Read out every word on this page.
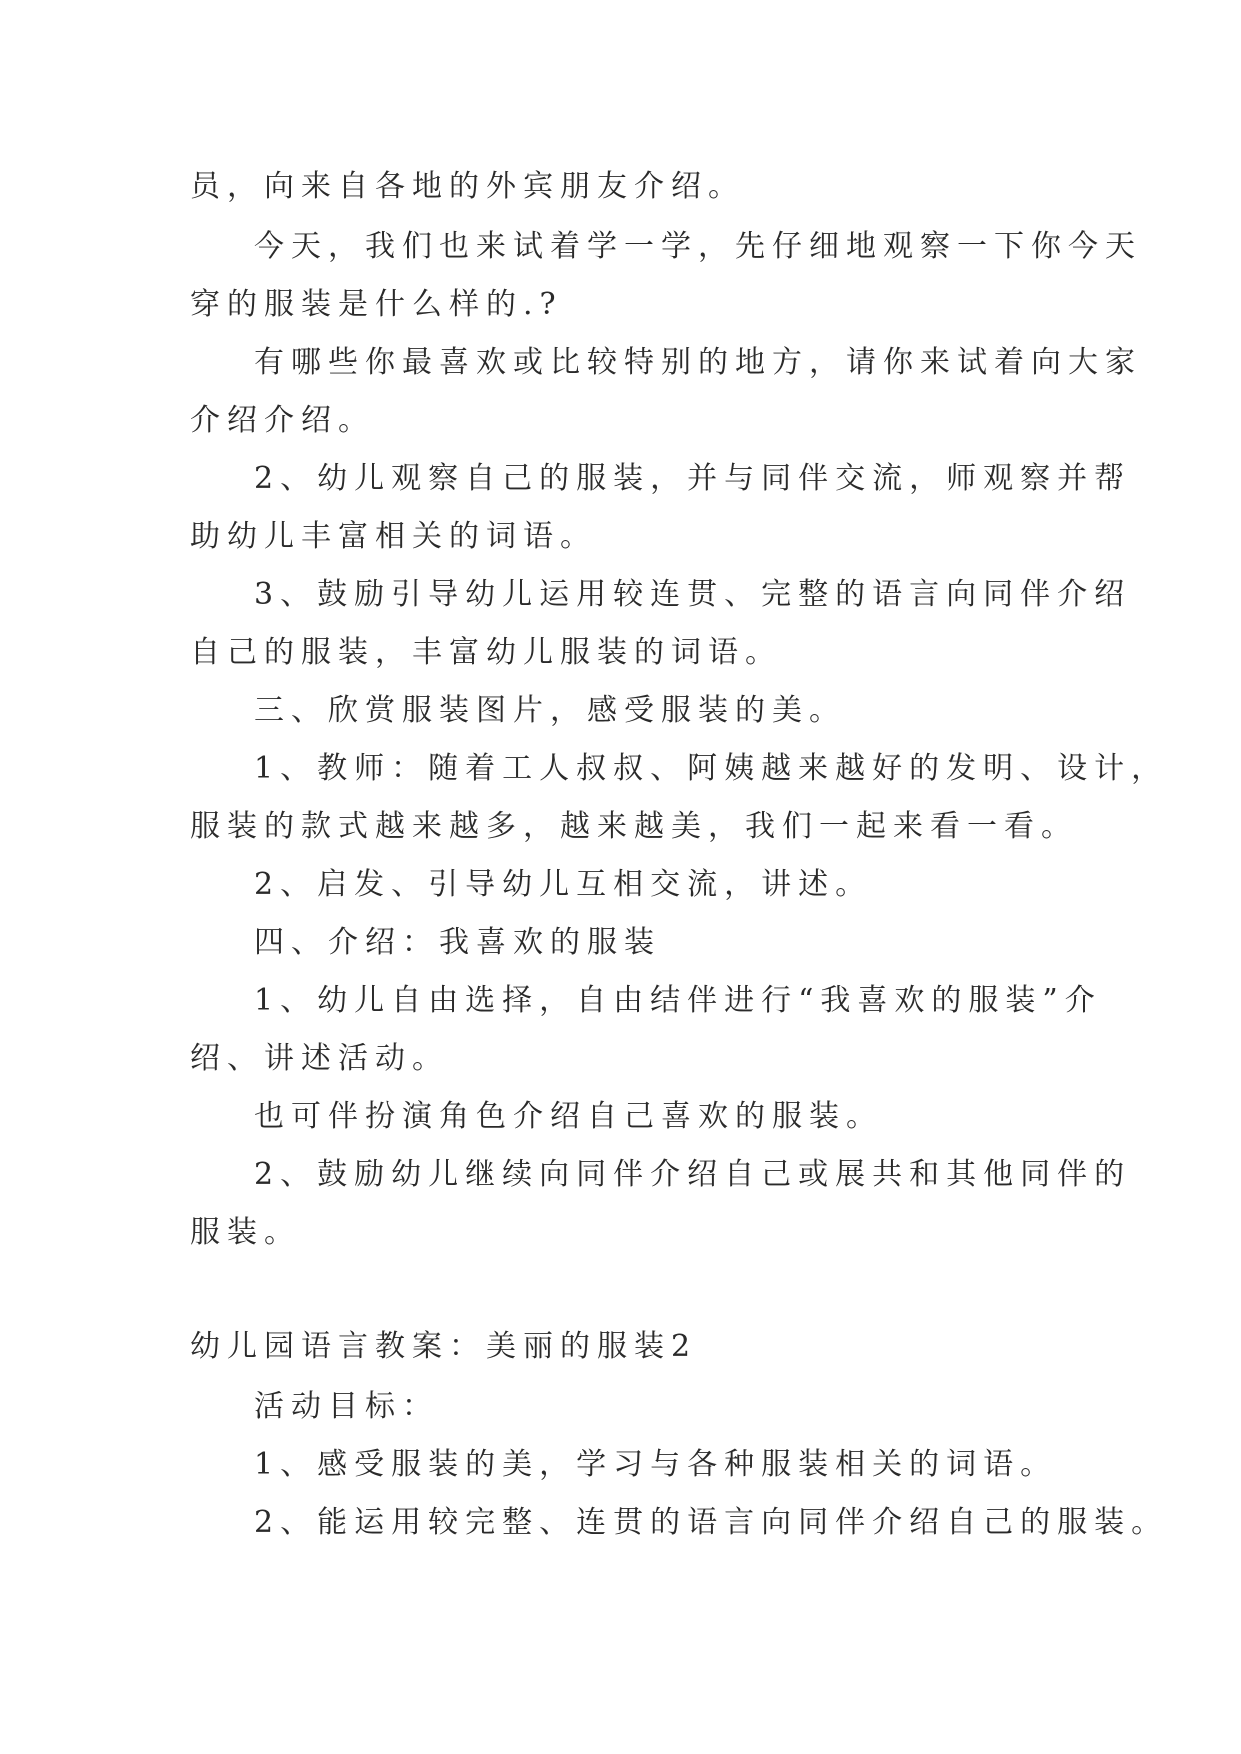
员，向来自各地的外宾朋友介绍。
今天，我们也来试着学一学，先仔细地观察一下你今天
穿的服装是什么样的.?
有哪些你最喜欢或比较特别的地方，请你来试着向大家
介绍介绍。
2、幼儿观察自己的服装，并与同伴交流，师观察并帮
助幼儿丰富相关的词语。
3、鼓励引导幼儿运用较连贯、完整的语言向同伴介绍
自己的服装，丰富幼儿服装的词语。
三、欣赏服装图片，感受服装的美。
1、教师：随着工人叔叔、阿姨越来越好的发明、设计，
服装的款式越来越多，越来越美，我们一起来看一看。
2、启发、引导幼儿互相交流，讲述。
四、介绍：我喜欢的服装
1、幼儿自由选择，自由结伴进行“我喜欢的服装”介
绍、讲述活动。
也可伴扮演角色介绍自己喜欢的服装。
2、鼓励幼儿继续向同伴介绍自己或展共和其他同伴的
服装。
幼儿园语言教案：美丽的服装2
活动目标：
1、感受服装的美，学习与各种服装相关的词语。
2、能运用较完整、连贯的语言向同伴介绍自己的服装。
